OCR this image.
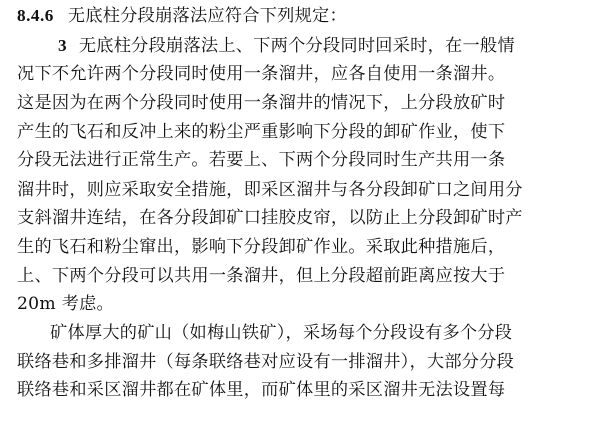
8.4.6 无底柱分段崩落法应符合下列规定：
3 无底柱分段崩落法上、下两个分段同时回采时，在一般情
况下不允许两个分段同时使用一条溜井，应各自使用一条溜井。
这是因为在两个分段同时使用一条溜井的情况下，上分段放矿时
产生的飞石和反冲上来的粉尘严重影响下分段的卸矿作业，使下
分段无法进行正常生产。若要上、下两个分段同时生产共用一条
溜井时，则应采取安全措施，即采区溜井与各分段卸矿口之间用分
支斜溜井连结，在各分段卸矿口挂胶皮帘，以防止上分段卸矿时产
生的飞石和粉尘窜出，影响下分段卸矿作业。采取此种措施后，
上、下两个分段可以共用一条溜井，但上分段超前距离应按大于
20m 考虑。
矿体厚大的矿山（如梅山铁矿），采场每个分段设有多个分段
联络巷和多排溜井（每条联络巷对应设有一排溜井），大部分分段
联络巷和采区溜井都在矿体里，而矿体里的采区溜井无法设置每
